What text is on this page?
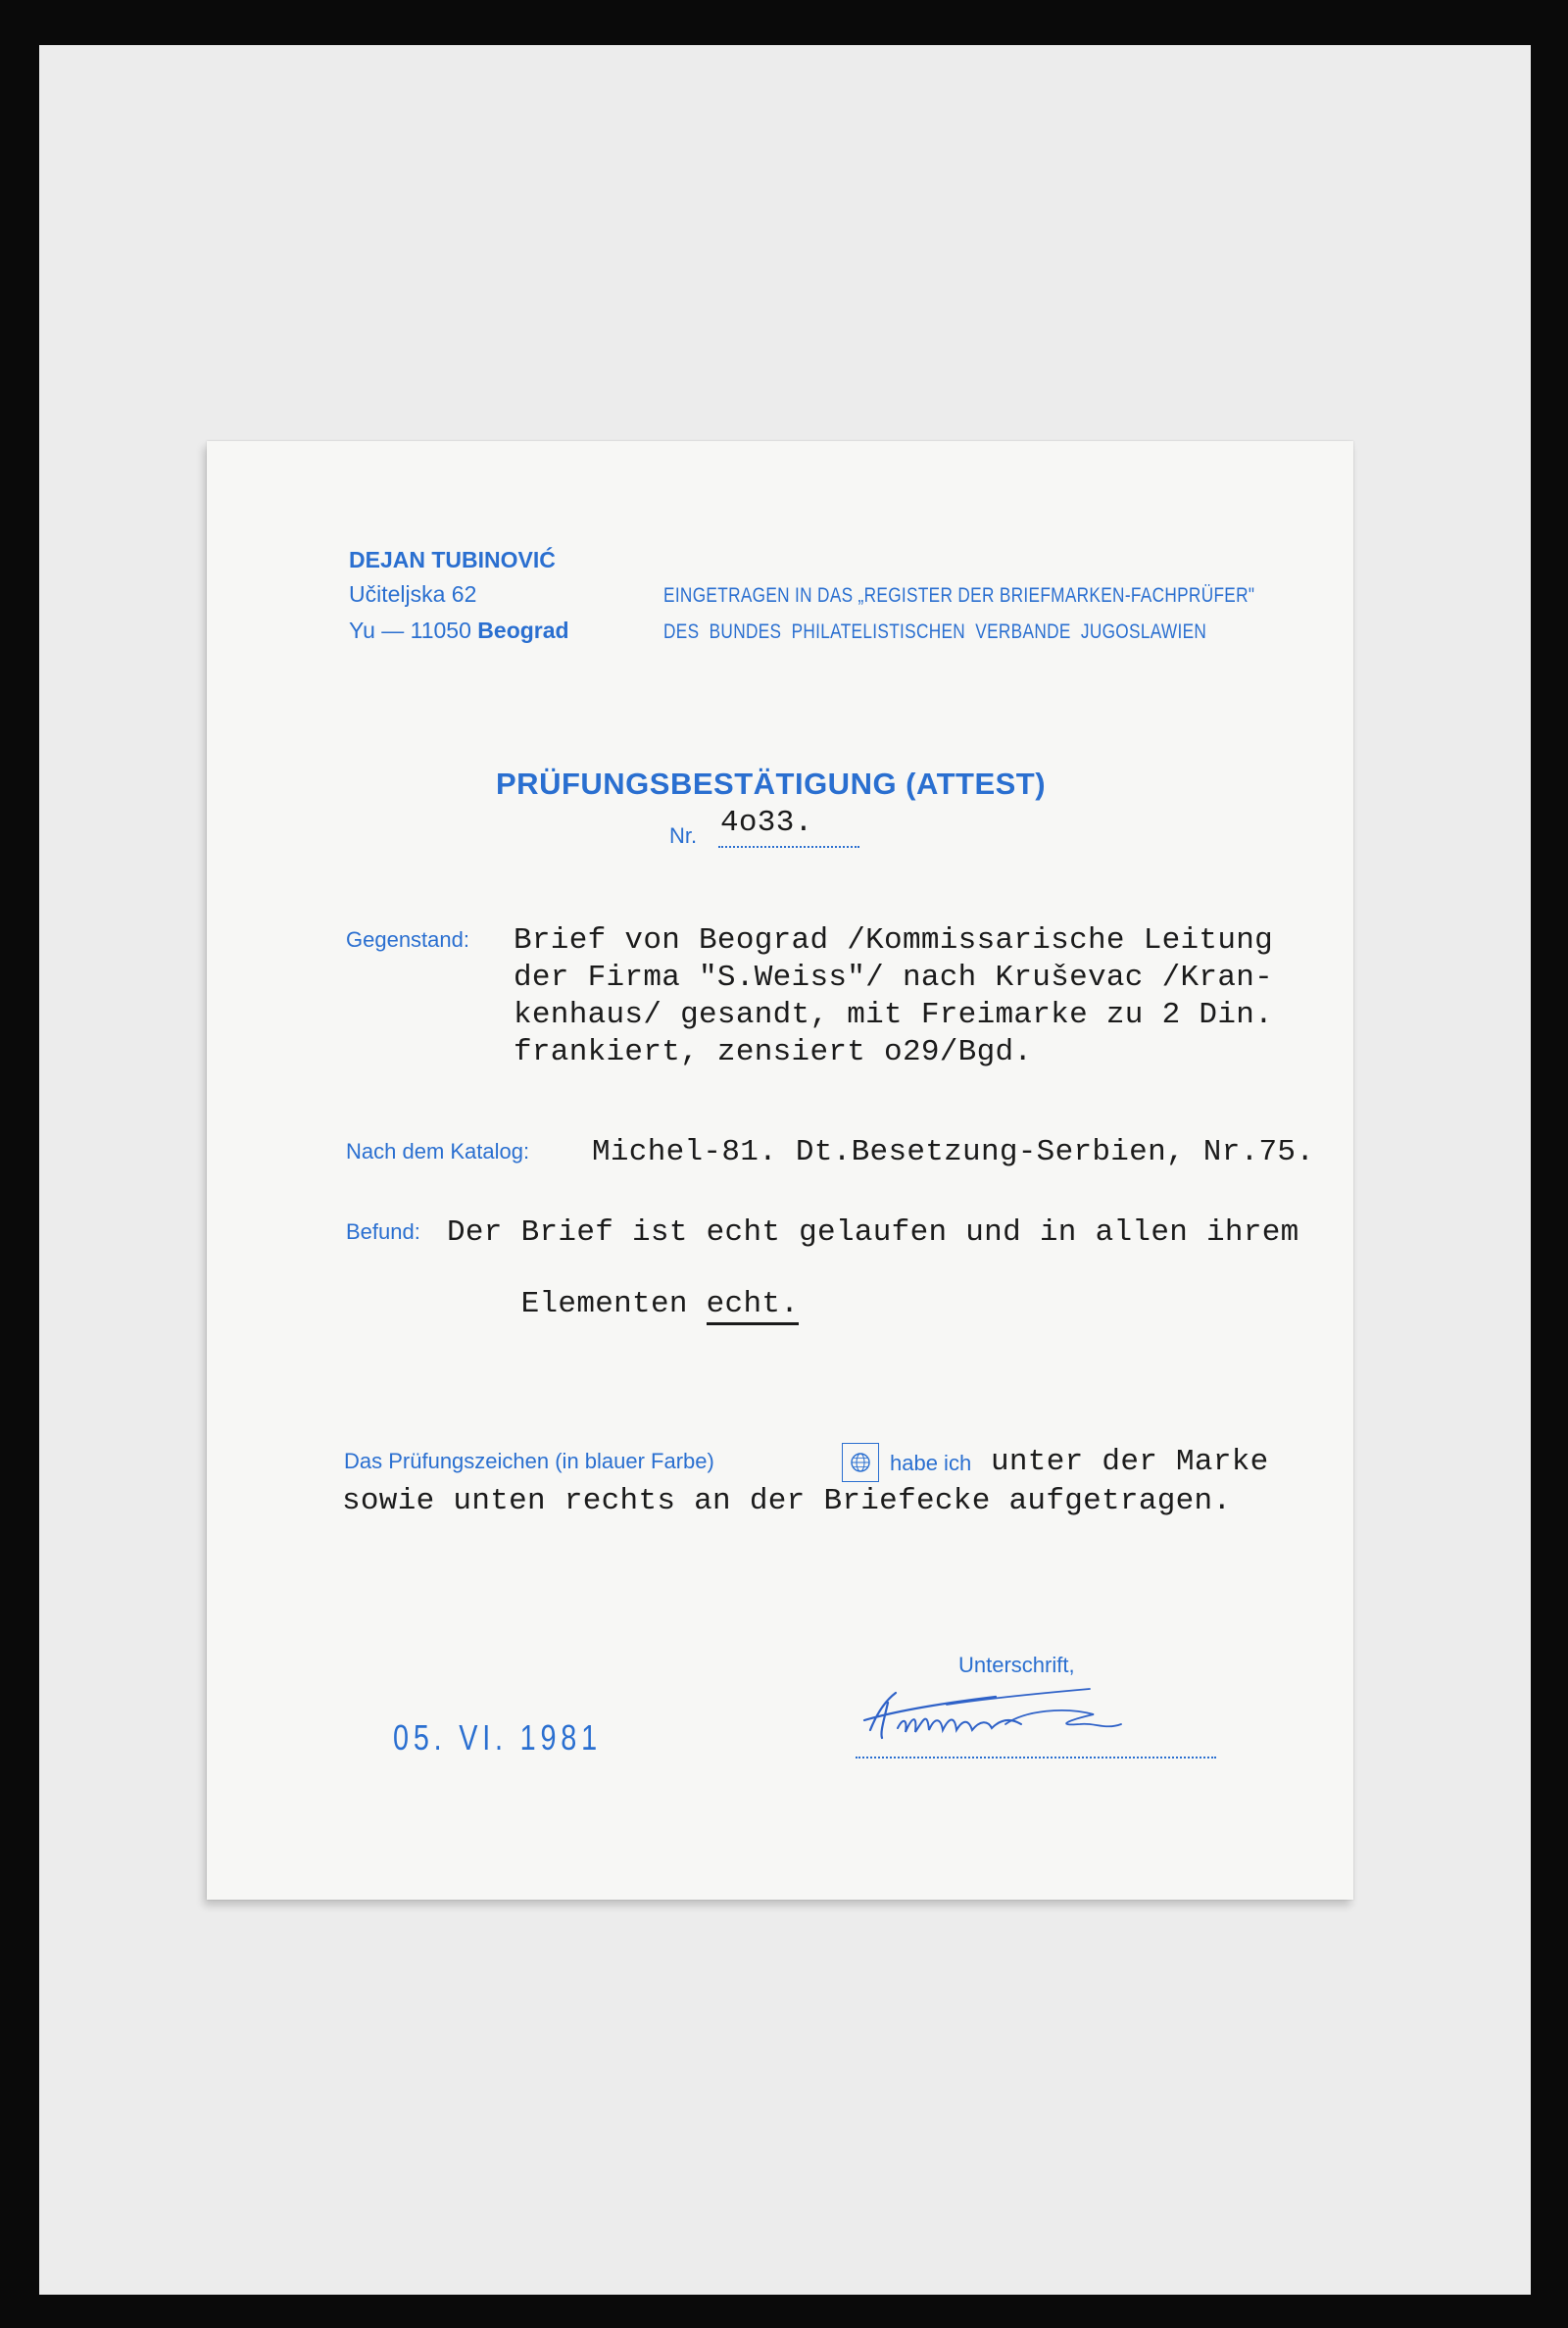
DEJAN TUBINOVIĆ
Učiteljska 62
Yu — 11050 Beograd
EINGETRAGEN IN DAS „REGISTER DER BRIEFMARKEN-FACHPRÜFER"
DES  BUNDES  PHILATELISTISCHEN  VERBANDE  JUGOSLAWIEN
PRÜFUNGSBESTÄTIGUNG (ATTEST)
Nr. 4o33.
Gegenstand: Brief von Beograd /Kommissarische Leitung
der Firma "S.Weiss"/ nach Kruševac /Kran-
kenhaus/ gesandt, mit Freimarke zu 2 Din.
frankiert, zensiert o29/Bgd.
Nach dem Katalog: Michel-81. Dt.Besetzung-Serbien, Nr.75.
Befund: Der Brief ist echt gelaufen und in allen ihrem

Elementen echt.

Das Prüfungszeichen (in blauer Farbe)	habe ich unter der Marke
sowie unten rechts an der Briefecke aufgetragen.
Unterschrift,
05. VI. 1981
